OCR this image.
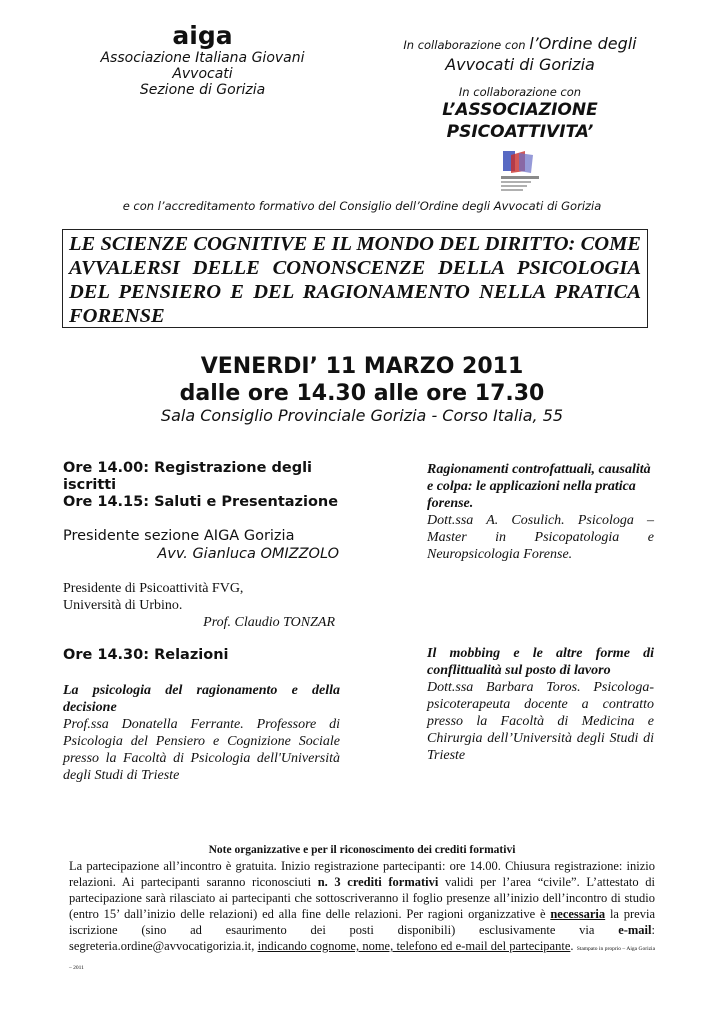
aiga
Associazione Italiana Giovani
Avvocati
Sezione di Gorizia
In collaborazione con l’Ordine degli
Avvocati di Gorizia
In collaborazione con
L’ASSOCIAZIONE
PSICOATTIVITA’
e con l’accreditamento formativo del Consiglio dell’Ordine degli Avvocati di Gorizia
LE SCIENZE COGNITIVE E IL MONDO DEL DIRITTO: COME AVVALERSI DELLE CONONSCENZE DELLA PSICOLOGIA DEL PENSIERO E DEL RAGIONAMENTO NELLA PRATICA FORENSE
VENERDI’ 11 MARZO 2011
dalle ore 14.30 alle ore 17.30
Sala Consiglio Provinciale Gorizia - Corso Italia, 55
Ore 14.00: Registrazione degli iscritti
Ore 14.15: Saluti e Presentazione
Presidente sezione AIGA Gorizia
Avv. Gianluca OMIZZOLO
Presidente di Psicoattività FVG,
Università di Urbino.
Prof. Claudio TONZAR
Ore 14.30: Relazioni
La psicologia del ragionamento e della decisione
Prof.ssa Donatella Ferrante. Professore di Psicologia del Pensiero e Cognizione Sociale presso la Facoltà di Psicologia dell'Università degli Studi di Trieste
Ragionamenti controfattuali, causalità e colpa: le applicazioni nella pratica forense.
Dott.ssa A. Cosulich. Psicologa – Master in Psicopatologia e Neuropsicologia Forense.
Il mobbing e le altre forme di conflittualità sul posto di lavoro
Dott.ssa Barbara Toros. Psicologa-psicoterapeuta docente a contratto presso la Facoltà di Medicina e Chirurgia dell’Università degli Studi di Trieste
Note organizzative e per il riconoscimento dei crediti formativi
La partecipazione all’incontro è gratuita. Inizio registrazione partecipanti: ore 14.00. Chiusura registrazione: inizio relazioni. Ai partecipanti saranno riconosciuti n. 3 crediti formativi validi per l’area “civile”. L’attestato di partecipazione sarà rilasciato ai partecipanti che sottoscriveranno il foglio presenze all’inizio dell’incontro di studio (entro 15’ dall’inizio delle relazioni) ed alla fine delle relazioni. Per ragioni organizzative è necessaria la previa iscrizione (sino ad esaurimento dei posti disponibili) esclusivamente via e-mail: segreteria.ordine@avvocatigorizia.it, indicando cognome, nome, telefono ed e-mail del partecipante. Stampato in proprio – Aiga Gorizia – 2011
